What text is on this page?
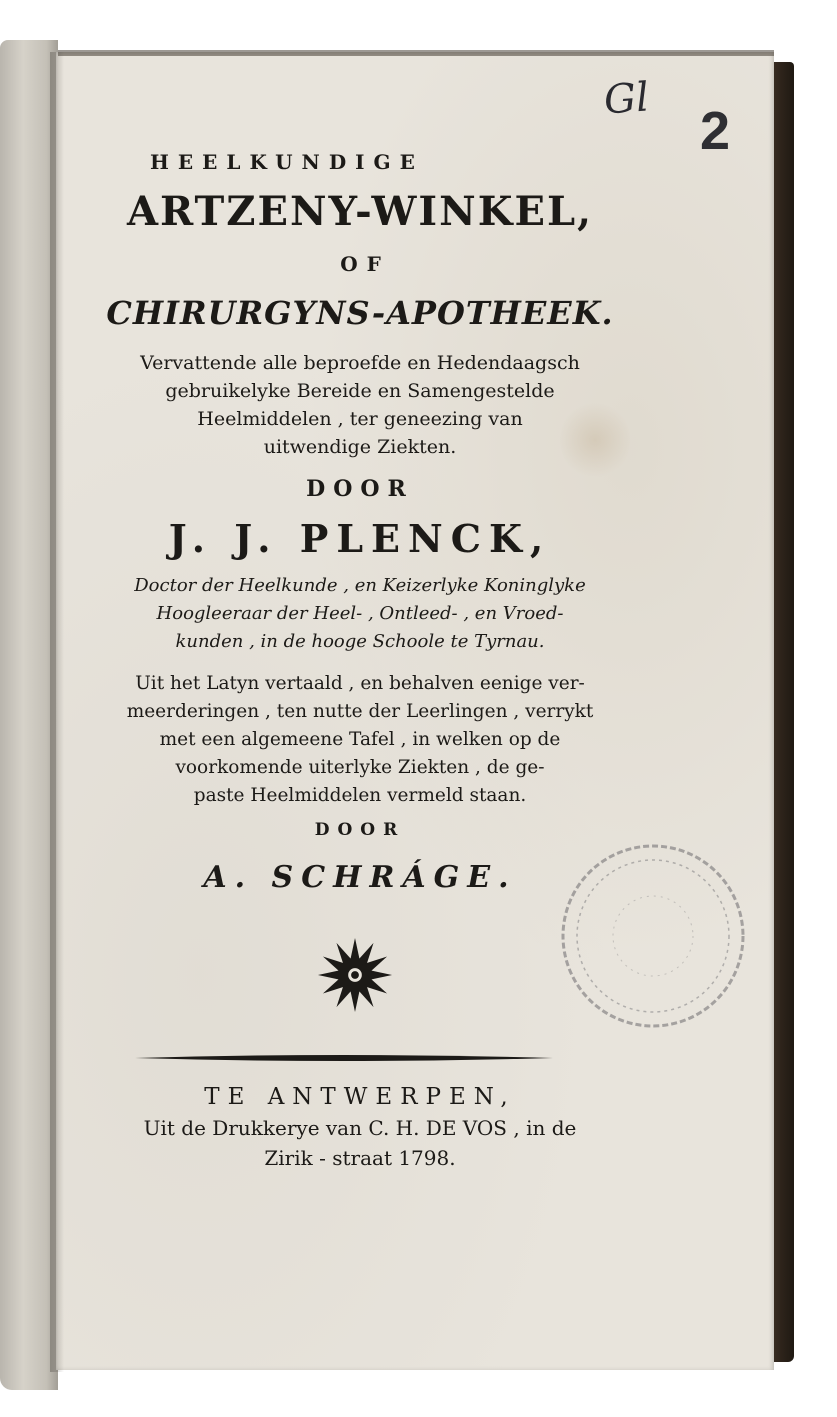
Gl

2

HEELKUNDIGE

ARTZENY-WINKEL,

OF

CHIRURGYNS-APOTHEEK.

Vervattende alle beproefde en Hedendaagsch

gebruikelyke Bereide en Samengestelde

Heelmiddelen , ter geneezing van

uitwendige Ziekten.

DOOR

J. J. PLENCK,

Doctor der Heelkunde , en Keizerlyke Koninglyke

Hoogleeraar der Heel- , Ontleed- , en Vroed-

kunden , in de hooge Schoole te Tyrnau.

Uit het Latyn vertaald , en behalven eenige ver-

meerderingen , ten nutte der Leerlingen , verrykt

met een algemeene Tafel , in welken op de

voorkomende uiterlyke Ziekten , de ge-

paste Heelmiddelen vermeld staan.

DOOR

A. SCHRÁGE.

TE ANTWERPEN,

Uit de Drukkerye van C. H. DE VOS , in de

Zirik - straat 1798.
